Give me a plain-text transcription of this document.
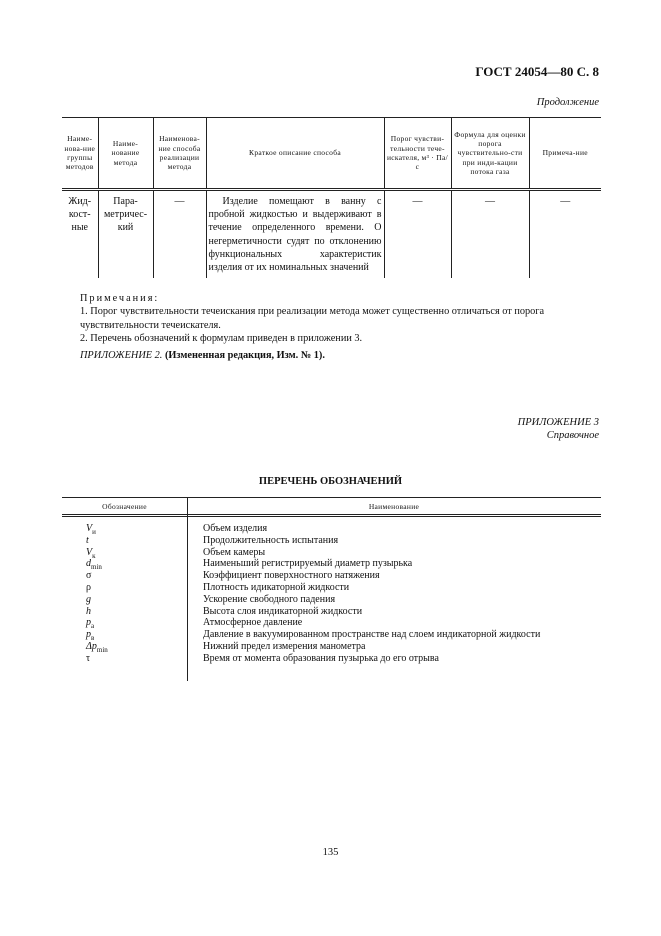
ГОСТ 24054—80 С. 8
Продолжение
Наиме-нова-ние группы методов	Наиме-нование метода	Наименова-ние способа реализации метода	Краткое описание способа	Порог чувстви-тельности тече-искателя, м³ · Па/с	Формула для оценки порога чувствительно-сти при инди-кации потока газа	Примеча-ние
Жид-кост-ные	Пара-метричес-кий	—	Изделие помещают в ванну с пробной жидкостью и выдерживают в течение определенного времени. О негерметичности судят по отклонению функциональных характеристик изделия от их номинальных значений	—	—	—

Примечания:

1. Порог чувствительности течеискания при реализации метода может существенно отличаться от порога чувствительности течеискателя.

2. Перечень обозначений к формулам приведен в приложении 3.

ПРИЛОЖЕНИЕ 2. (Измененная редакция, Изм. № 1).
ПРИЛОЖЕНИЕ 3
Справочное
ПЕРЕЧЕНЬ ОБОЗНАЧЕНИЙ
Обозначение	Наименование
$V_и$	Объем изделия
t	Продолжительность испытания
$V_к$	Объем камеры
$d_{min}$	Наименьший регистрируемый диаметр пузырька
σ	Коэффициент поверхностного натяжения
ρ	Плотность идикаторной жидкости
g	Ускорение свободного падения
h	Высота слоя индикаторной жидкости
$p_а$	Атмосферное давление
$p_в$	Давление в вакуумированном пространстве над слоем индикаторной жидкости
$\Delta p_{min}$	Нижний предел измерения манометра
τ	Время от момента образования пузырька до его отрыва
135
